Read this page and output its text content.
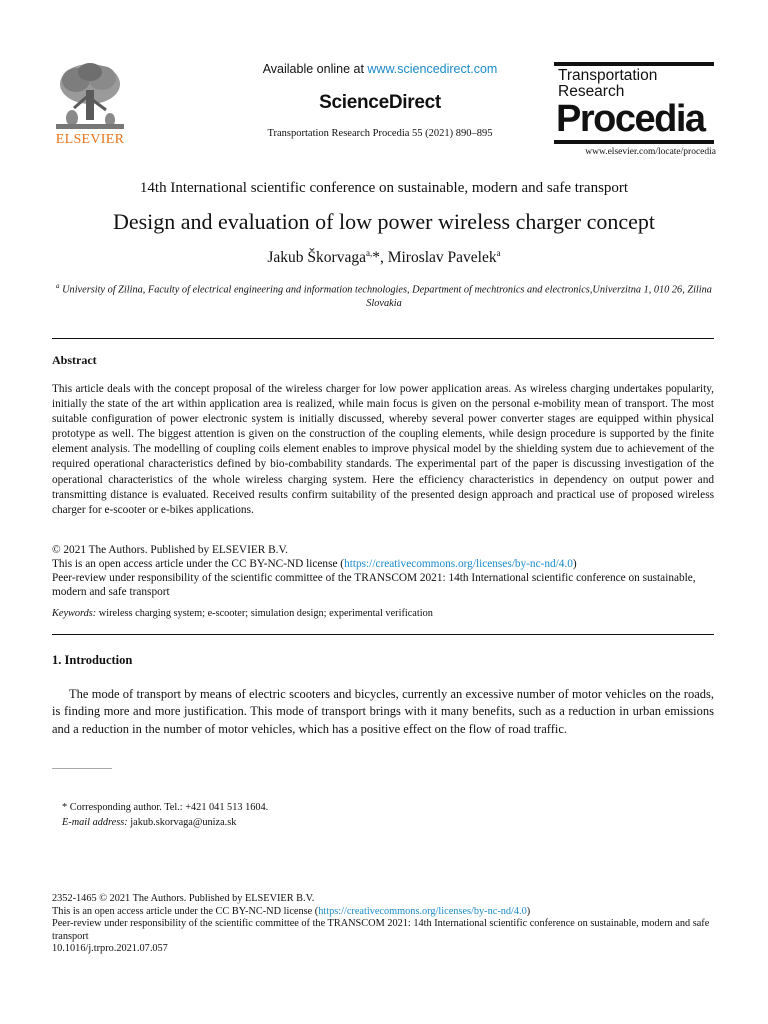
ELSEVIER
Available online at www.sciencedirect.com
ScienceDirect
Transportation Research Procedia 55 (2021) 890–895
Transportation
Research
Procedia
www.elsevier.com/locate/procedia
14th International scientific conference on sustainable, modern and safe transport
Design and evaluation of low power wireless charger concept
Jakub Škorvaga$^{a,}$*, Miroslav Pavelek$^a$
$^a$ University of Zilina, Faculty of electrical engineering and information technologies, Department of mechtronics and electronics,Univerzitna 1, 010 26, Zilina Slovakia
Abstract
This article deals with the concept proposal of the wireless charger for low power application areas. As wireless charging undertakes popularity, initially the state of the art within application area is realized, while main focus is given on the personal e-mobility mean of transport. The most suitable configuration of power electronic system is initially discussed, whereby several power converter stages are equipped within physical prototype as well. The biggest attention is given on the construction of the coupling elements, while design procedure is supported by the finite element analysis. The modelling of coupling coils element enables to improve physical model by the shielding system due to achievement of the required operational characteristics defined by bio-combability standards. The experimental part of the paper is discussing investigation of the operational characteristics of the whole wireless charging system. Here the efficiency characteristics in dependency on output power and transmitting distance is evaluated. Received results confirm suitability of the presented design approach and practical use of proposed wireless charger for e-scooter or e-bikes applications.
© 2021 The Authors. Published by ELSEVIER B.V.
This is an open access article under the CC BY-NC-ND license (https://creativecommons.org/licenses/by-nc-nd/4.0)
Peer-review under responsibility of the scientific committee of the TRANSCOM 2021: 14th International scientific conference on sustainable, modern and safe transport
Keywords: wireless charging system; e-scooter; simulation design; experimental verification
1. Introduction
The mode of transport by means of electric scooters and bicycles, currently an excessive number of motor vehicles on the roads, is finding more and more justification. This mode of transport brings with it many benefits, such as a reduction in urban emissions and a reduction in the number of motor vehicles, which has a positive effect on the flow of road traffic.
* Corresponding author. Tel.: +421 041 513 1604.
E-mail address: jakub.skorvaga@uniza.sk
2352-1465 © 2021 The Authors. Published by ELSEVIER B.V.
This is an open access article under the CC BY-NC-ND license (https://creativecommons.org/licenses/by-nc-nd/4.0)
Peer-review under responsibility of the scientific committee of the TRANSCOM 2021: 14th International scientific conference on sustainable, modern and safe transport
10.1016/j.trpro.2021.07.057
